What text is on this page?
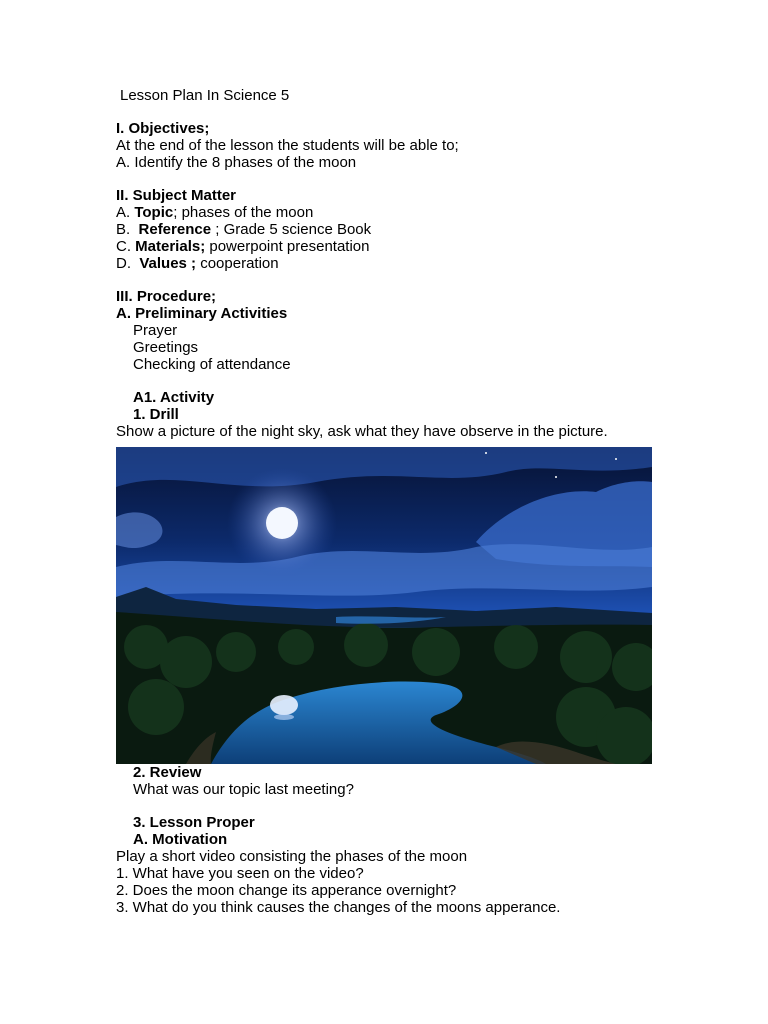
Lesson Plan In Science 5
I. Objectives;
At the end of the lesson the students will be able to;
A. Identify the 8 phases of the moon
II. Subject Matter
A. Topic; phases of the moon
B.  Reference ; Grade 5 science Book
C. Materials; powerpoint presentation
D.  Values ; cooperation
III. Procedure;
A. Preliminary Activities
Prayer
Greetings
Checking of attendance
A1. Activity
1. Drill
Show a picture of the night sky, ask what they have observe in the picture.
2. Review
What was our topic last meeting?
3. Lesson Proper
A. Motivation
Play a short video consisting the phases of the moon
1. What have you seen on the video?
2. Does the moon change its apperance overnight?
3. What do you think causes the changes of the moons apperance.
